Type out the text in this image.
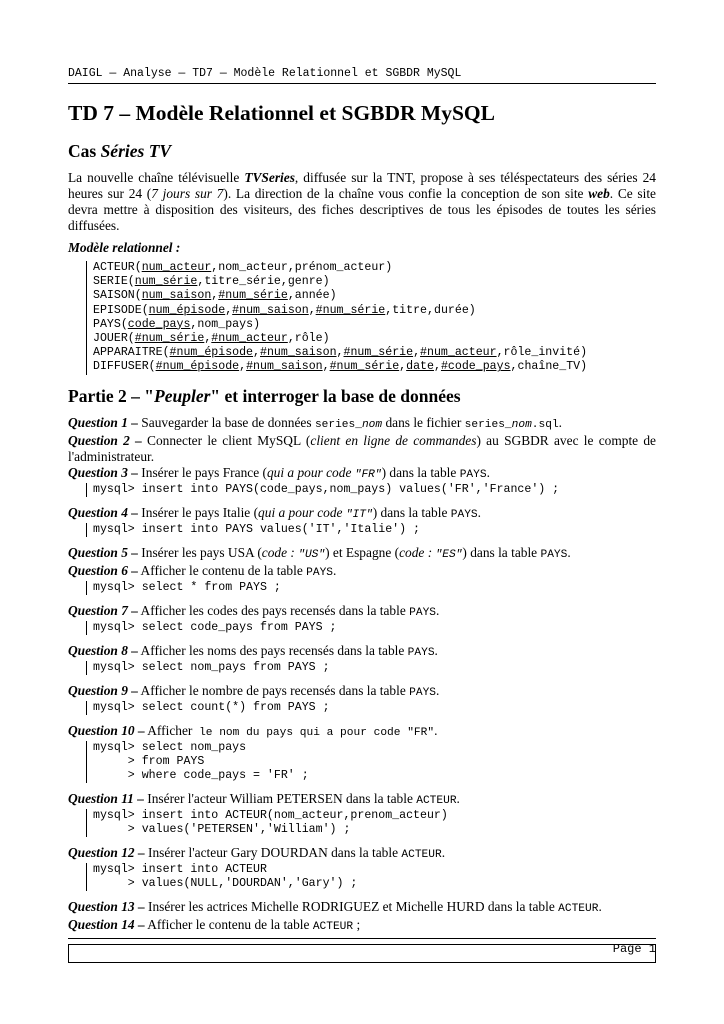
DAIGL — Analyse — TD7 — Modèle Relationnel et SGBDR MySQL
TD 7 – Modèle Relationnel et SGBDR MySQL
Cas Séries TV

La nouvelle chaîne télévisuelle TVSeries, diffusée sur la TNT, propose à ses téléspectateurs des séries 24 heures sur 24 (7 jours sur 7). La direction de la chaîne vous confie la conception de son site web. Ce site devra mettre à disposition des visiteurs, des fiches descriptives de tous les épisodes de toutes les séries diffusées.

Modèle relationnel :

ACTEUR(num_acteur,nom_acteur,prénom_acteur)
SERIE(num_série,titre_série,genre)
SAISON(num_saison,#num_série,année)
EPISODE(num_épisode,#num_saison,#num_série,titre,durée)
PAYS(code_pays,nom_pays)
JOUER(#num_série,#num_acteur,rôle)
APPARAITRE(#num_épisode,#num_saison,#num_série,#num_acteur,rôle_invité)
DIFFUSER(#num_épisode,#num_saison,#num_série,date,#code_pays,chaîne_TV)
Partie 2 – "Peupler" et interroger la base de données

Question 1 – Sauvegarder la base de données series_nom dans le fichier series_nom.sql.

Question 2 – Connecter le client MySQL (client en ligne de commandes) au SGBDR avec le compte de l'administrateur.

Question 3 – Insérer le pays France (qui a pour code "FR") dans la table PAYS.

mysql> insert into PAYS(code_pays,nom_pays) values('FR','France') ;

Question 4 – Insérer le pays Italie (qui a pour code "IT") dans la table PAYS.

mysql> insert into PAYS values('IT','Italie') ;

Question 5 – Insérer les pays USA (code : "US") et Espagne (code : "ES") dans la table PAYS.

Question 6 – Afficher le contenu de la table PAYS.

mysql> select * from PAYS ;

Question 7 – Afficher les codes des pays recensés dans la table PAYS.

mysql> select code_pays from PAYS ;

Question 8 – Afficher les noms des pays recensés dans la table PAYS.

mysql> select nom_pays from PAYS ;

Question 9 – Afficher le nombre de pays recensés dans la table PAYS.

mysql> select count(*) from PAYS ;

Question 10 – Afficher le nom du pays qui a pour code "FR".

mysql> select nom_pays
> from PAYS
> where code_pays = 'FR' ;

Question 11 – Insérer l'acteur William PETERSEN dans la table ACTEUR.

mysql> insert into ACTEUR(nom_acteur,prenom_acteur)
> values('PETERSEN','William') ;

Question 12 – Insérer l'acteur Gary DOURDAN dans la table ACTEUR.

mysql> insert into ACTEUR
> values(NULL,'DOURDAN','Gary') ;

Question 13 – Insérer les actrices Michelle RODRIGUEZ et Michelle HURD dans la table ACTEUR.

Question 14 – Afficher le contenu de la table ACTEUR ;

Page 1
